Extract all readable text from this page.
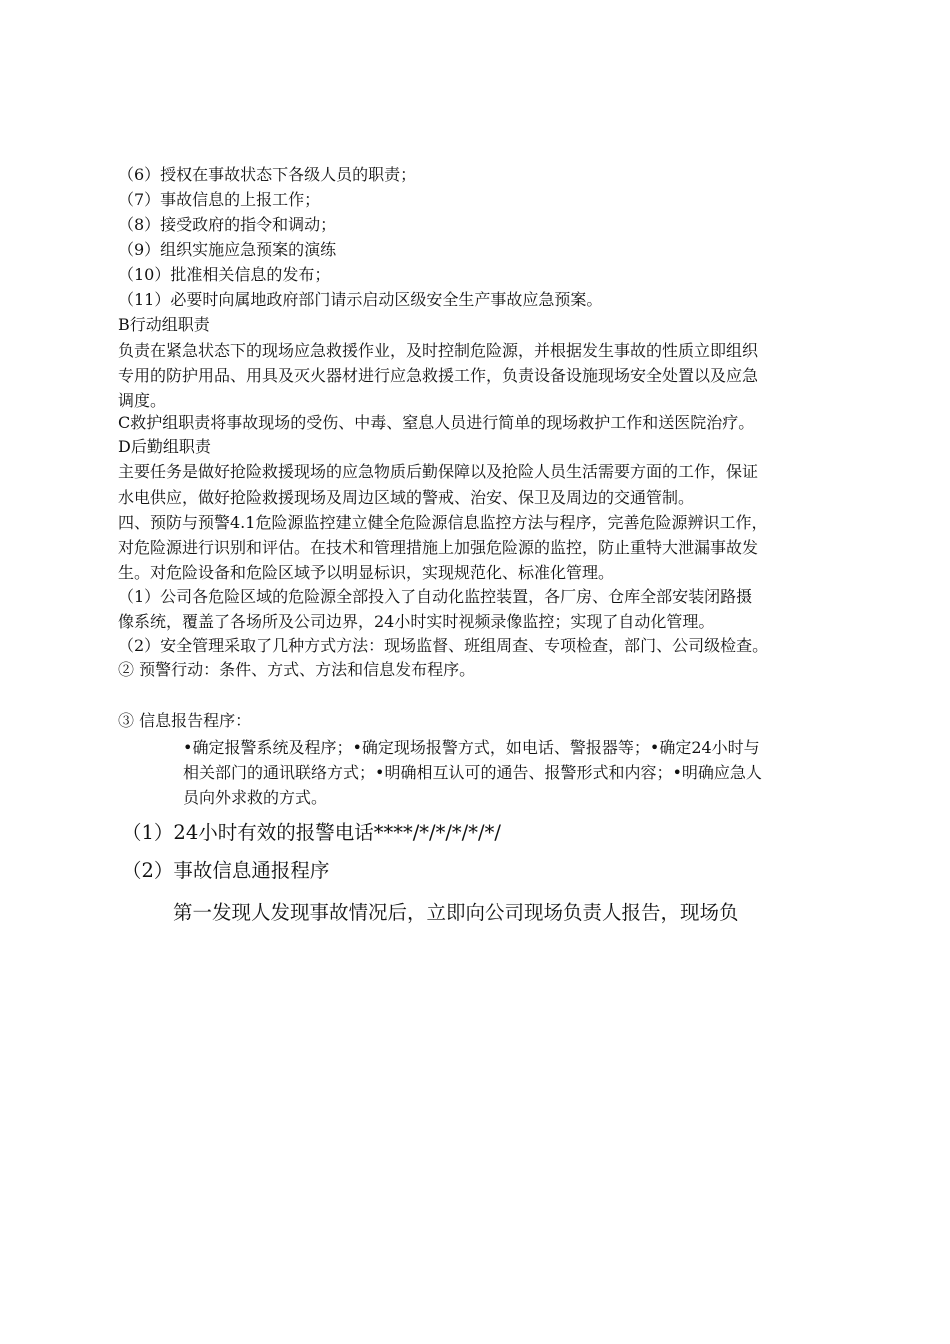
（6）授权在事故状态下各级人员的职责；

（7）事故信息的上报工作；

（8）接受政府的指令和调动；

（9）组织实施应急预案的演练

（10）批准相关信息的发布；

（11）必要时向属地政府部门请示启动区级安全生产事故应急预案。

B行动组职责

负责在紧急状态下的现场应急救援作业，及时控制危险源，并根据发生事故的性质立即组织

专用的防护用品、用具及灭火器材进行应急救援工作，负责设备设施现场安全处置以及应急

调度。

C救护组职责将事故现场的受伤、中毒、窒息人员进行简单的现场救护工作和送医院治疗。

D后勤组职责

主要任务是做好抢险救援现场的应急物质后勤保障以及抢险人员生活需要方面的工作，保证

水电供应，做好抢险救援现场及周边区域的警戒、治安、保卫及周边的交通管制。

四、预防与预警4.1危险源监控建立健全危险源信息监控方法与程序，完善危险源辨识工作，

对危险源进行识别和评估。在技术和管理措施上加强危险源的监控，防止重特大泄漏事故发

生。对危险设备和危险区域予以明显标识，实现规范化、标准化管理。

（1）公司各危险区域的危险源全部投入了自动化监控装置，各厂房、仓库全部安装闭路摄

像系统，覆盖了各场所及公司边界，24小时实时视频录像监控；实现了自动化管理。

（2）安全管理采取了几种方式方法：现场监督、班组周查、专项检查，部门、公司级检查。

② 预警行动：条件、方式、方法和信息发布程序。

③ 信息报告程序：

•确定报警系统及程序；•确定现场报警方式，如电话、警报器等；•确定24小时与

相关部门的通讯联络方式；•明确相互认可的通告、报警形式和内容；•明确应急人

员向外求救的方式。

（1）24小时有效的报警电话****/*/*/*/*/*/

（2）事故信息通报程序

第一发现人发现事故情况后，立即向公司现场负责人报告，现场负
